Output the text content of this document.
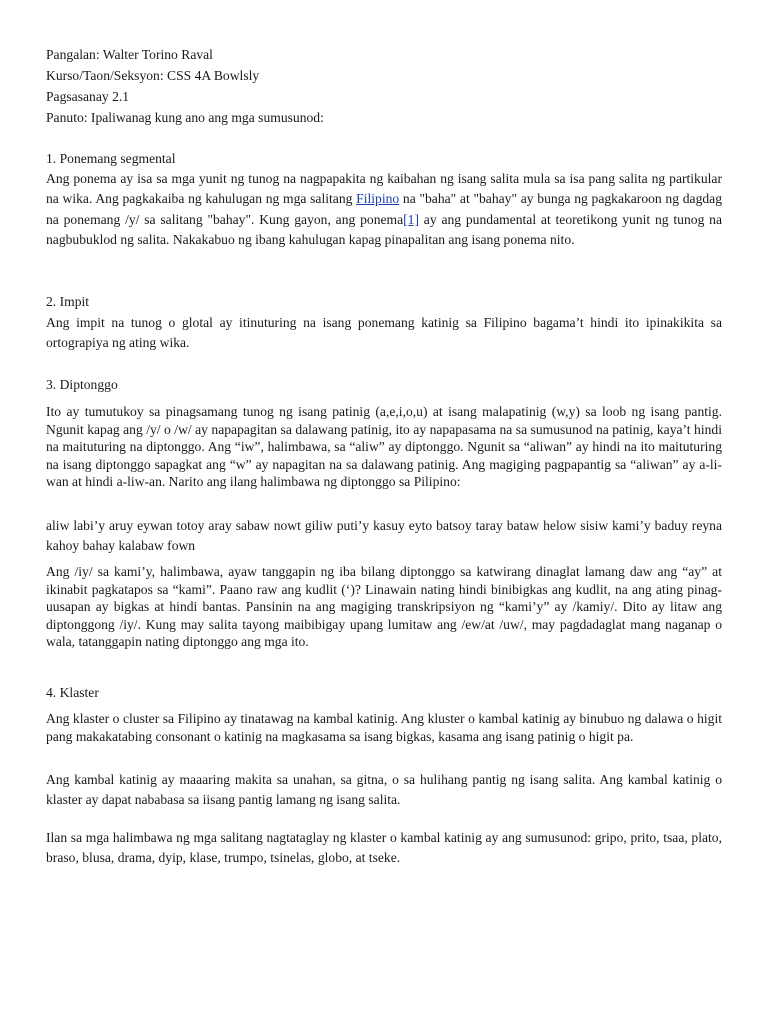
Pangalan: Walter Torino Raval

Kurso/Taon/Seksyon: CSS 4A Bowlsly

Pagsasanay 2.1

Panuto: Ipaliwanag kung ano ang mga sumusunod:

1. Ponemang segmental

Ang ponema ay isa sa mga yunit ng tunog na nagpapakita ng kaibahan ng isang salita mula sa isa pang salita ng partikular na wika. Ang pagkakaiba ng kahulugan ng mga salitang Filipino na "baha" at "bahay" ay bunga ng pagkakaroon ng dagdag na ponemang /y/ sa salitang "bahay". Kung gayon, ang ponema[1] ay ang pundamental at teoretikong yunit ng tunog na nagbubuklod ng salita. Nakakabuo ng ibang kahulugan kapag pinapalitan ang isang ponema nito.

2. Impit

Ang impit na tunog o glotal ay itinuturing na isang ponemang katinig sa Filipino bagama’t hindi ito ipinakikita sa ortograpiya ng ating wika.

3. Diptonggo

Ito ay tumutukoy sa pinagsamang tunog ng isang patinig (a,e,i,o,u) at isang malapatinig (w,y) sa loob ng isang pantig. Ngunit kapag ang /y/ o /w/ ay napapagitan sa dalawang patinig, ito ay napapasama na sa sumusunod na patinig, kaya’t hindi na maituturing na diptonggo. Ang “iw”, halimbawa, sa “aliw” ay diptonggo. Ngunit sa “aliwan” ay hindi na ito maituturing na isang diptonggo sapagkat ang “w” ay napagitan na sa dalawang patinig. Ang magiging pagpapantig sa “aliwan” ay a-li-wan at hindi a-liw-an. Narito ang ilang halimbawa ng diptonggo sa Pilipino:

aliw labi’y aruy eywan totoy aray sabaw nowt giliw puti’y kasuy eyto batsoy taray bataw helow sisiw kami’y baduy reyna kahoy bahay kalabaw fown

Ang /iy/ sa kami’y, halimbawa, ayaw tanggapin ng iba bilang diptonggo sa katwirang dinaglat lamang daw ang “ay” at ikinabit pagkatapos sa “kami”. Paano raw ang kudlit (‘)? Linawain nating hindi binibigkas ang kudlit, na ang ating pinag-uusapan ay bigkas at hindi bantas. Pansinin na ang magiging transkripsiyon ng “kami’y” ay /kamiy/. Dito ay litaw ang diptonggong /iy/. Kung may salita tayong maibibigay upang lumitaw ang /ew/at /uw/, may pagdadaglat mang naganap o wala, tatanggapin nating diptonggo ang mga ito.

4. Klaster

Ang klaster o cluster sa Filipino ay tinatawag na kambal katinig. Ang kluster o kambal katinig ay binubuo ng dalawa o higit pang makakatabing consonant o katinig na magkasama sa isang bigkas, kasama ang isang patinig o higit pa.

Ang kambal katinig ay maaaring makita sa unahan, sa gitna, o sa hulihang pantig ng isang salita. Ang kambal katinig o klaster ay dapat nababasa sa iisang pantig lamang ng isang salita.

Ilan sa mga halimbawa ng mga salitang nagtataglay ng klaster o kambal katinig ay ang sumusunod: gripo, prito, tsaa, plato, braso, blusa, drama, dyip, klase, trumpo, tsinelas, globo, at tseke.
